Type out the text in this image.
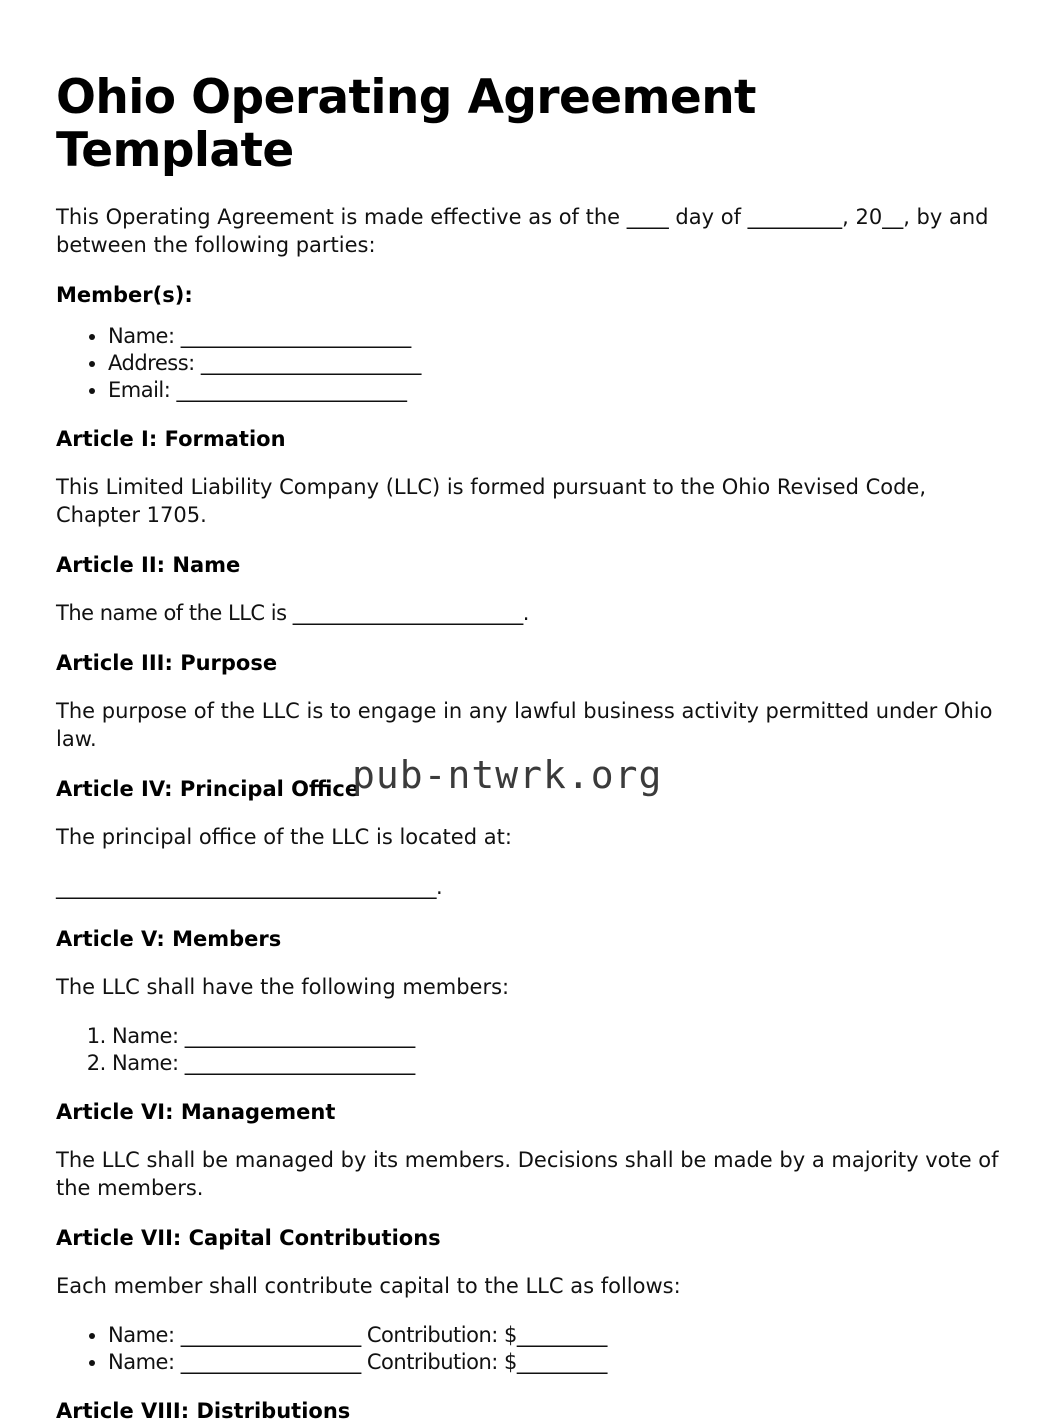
Ohio Operating Agreement Template

This Operating Agreement is made effective as of the ____ day of _________, 20__, by and between the following parties:

Member(s):
• Name: _______________________
• Address: ______________________
• Email: _______________________
Article I: Formation

This Limited Liability Company (LLC) is formed pursuant to the Ohio Revised Code, Chapter 1705.

Article II: Name

The name of the LLC is _______________________.

Article III: Purpose

The purpose of the LLC is to engage in any lawful business activity permitted under Ohio law.

Article IV: Principal Office
pub-ntwrk.org

The principal office of the LLC is located at:

______________________________________.

Article V: Members

The LLC shall have the following members:

1. Name: _______________________
2. Name: _______________________
Article VI: Management

The LLC shall be managed by its members. Decisions shall be made by a majority vote of the members.

Article VII: Capital Contributions

Each member shall contribute capital to the LLC as follows:

• Name: __________________ Contribution: $_________
• Name: __________________ Contribution: $_________
Article VIII: Distributions
